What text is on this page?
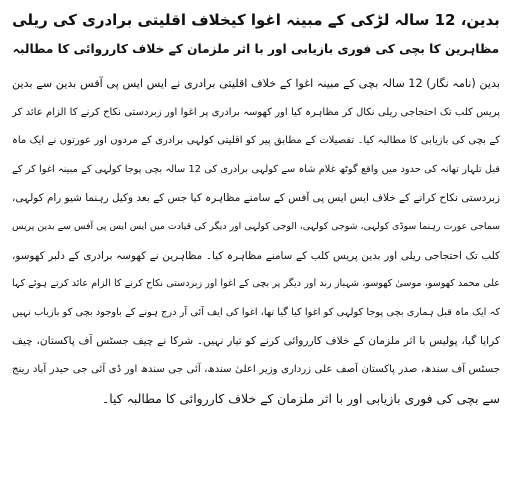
بدین، 12 سالہ لڑکی کے مبینہ اغوا کیخلاف اقلیتی برادری کی ریلی
مظاہرین کا بچی کی فوری بازیابی اور با اثر ملزمان کے خلاف کارروائی کا مطالبہ
بدین (نامہ نگار) 12 سالہ بچی کے مبینہ اغوا کے خلاف اقلیتی برادری نے ایس ایس پی آفس بدین سے بدین
پریس کلب تک احتجاجی ریلی نکال کر مظاہرہ کیا اور کھوسہ برادری پر اغوا اور زبردستی نکاح کرنے کا الزام عائد کر
کے بچی کی بازیابی کا مطالبہ کیا۔ تفصیلات کے مطابق پیر کو اقلیتی کولہی برادری کے مردوں اور عورتوں نے ایک ماہ
قبل تلہار تھانہ کی حدود میں واقع گوٹھ غلام شاہ سے کولہی برادری کی 12 سالہ بچی پوجا کولہی کے مبینہ اغوا کر کے
زبردستی نکاح کرانے کے خلاف ایس ایس پی آفس کے سامنے مظاہرہ کیا جس کے بعد وکیل رہنما شیو رام کولہی،
سماجی عورت رہنما سوڈی کولہی، شوجی کولہی، الوجی کولہی اور دیگر کی قیادت میں ایس ایس پی آفس سے بدین پریس
کلب تک احتجاجی ریلی اور بدین پریس کلب کے سامنے مظاہرہ کیا۔ مظاہرین نے کھوسہ برادری کے دلبر کھوسو،
علی محمد کھوسو، موسیٰ کھوسو، شہباز رند اور دیگر پر بچی کے اغوا اور زبردستی نکاح کرنے کا الزام عائد کرتے ہوئے کہا
کہ ایک ماہ قبل ہماری بچی پوجا کولہی کو اغوا کیا گیا تھا، اغوا کی ایف آئی آر درج ہونے کے باوجود بچی کو بازیاب نہیں
کرایا گیا، پولیس با اثر ملزمان کے خلاف کارروائی کرنے کو تیار نہیں۔ شرکا نے چیف جسٹس آف پاکستان، چیف
جسٹس آف سندھ، صدر پاکستان آصف علی زرداری وزیر اعلیٰ سندھ، آئی جی سندھ اور ڈی آئی جی حیدر آباد رینج
سے بچی کی فوری بازیابی اور با اثر ملزمان کے خلاف کارروائی کا مطالبہ کیا۔
